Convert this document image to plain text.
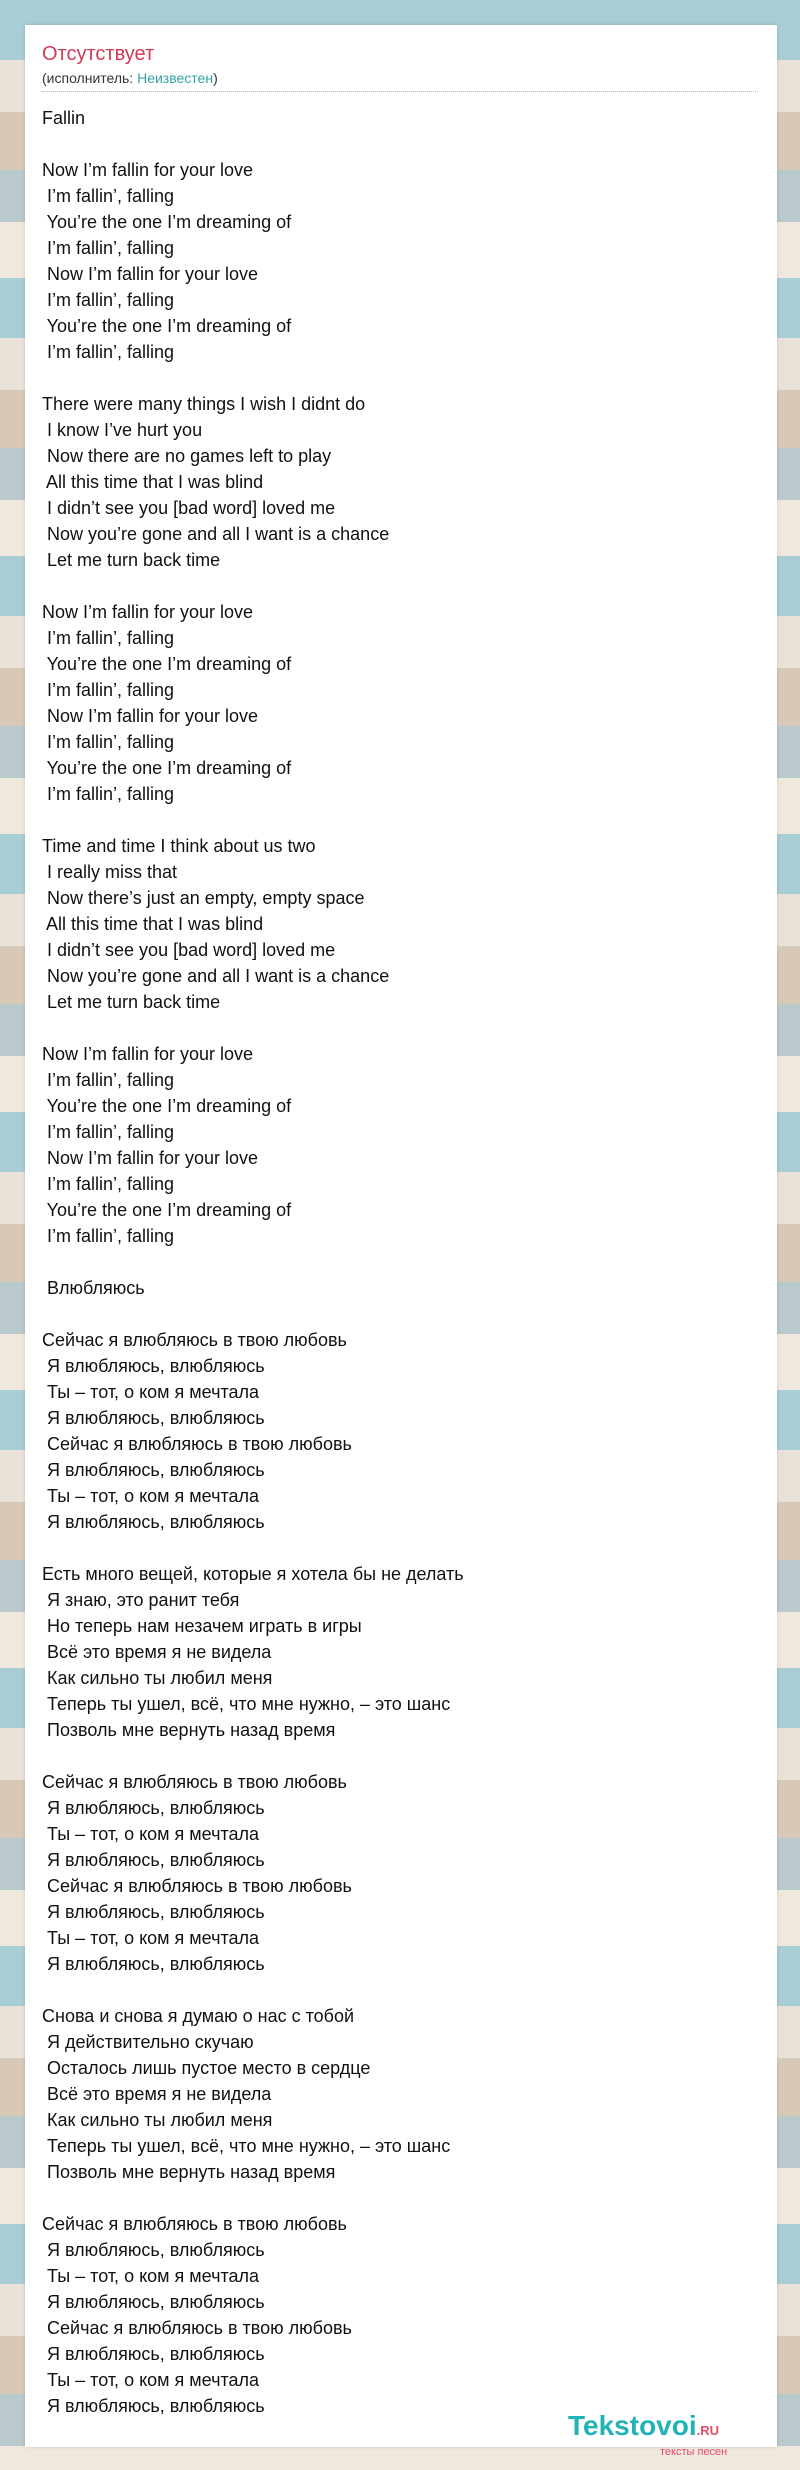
Отсутствует
(исполнитель: Неизвестен)
Fallin
Now I’m fallin for your love
I’m fallin’, falling
You’re the one I’m dreaming of
I’m fallin’, falling
Now I’m fallin for your love
I’m fallin’, falling
You’re the one I’m dreaming of
I’m fallin’, falling
There were many things I wish I didnt do
I know I’ve hurt you
Now there are no games left to play
All this time that I was blind
I didn’t see you [bad word] loved me
Now you’re gone and all I want is a chance
Let me turn back time
Now I’m fallin for your love
I’m fallin’, falling
You’re the one I’m dreaming of
I’m fallin’, falling
Now I’m fallin for your love
I’m fallin’, falling
You’re the one I’m dreaming of
I’m fallin’, falling
Time and time I think about us two
I really miss that
Now there’s just an empty, empty space
All this time that I was blind
I didn’t see you [bad word] loved me
Now you’re gone and all I want is a chance
Let me turn back time
Now I’m fallin for your love
I’m fallin’, falling
You’re the one I’m dreaming of
I’m fallin’, falling
Now I’m fallin for your love
I’m fallin’, falling
You’re the one I’m dreaming of
I’m fallin’, falling
Влюбляюсь
Сейчас я влюбляюсь в твою любовь
Я влюбляюсь, влюбляюсь
Ты – тот, о ком я мечтала
Я влюбляюсь, влюбляюсь
Сейчас я влюбляюсь в твою любовь
Я влюбляюсь, влюбляюсь
Ты – тот, о ком я мечтала
Я влюбляюсь, влюбляюсь
Есть много вещей, которые я хотела бы не делать
Я знаю, это ранит тебя
Но теперь нам незачем играть в игры
Всё это время я не видела
Как сильно ты любил меня
Теперь ты ушел, всё, что мне нужно, – это шанс
Позволь мне вернуть назад время
Сейчас я влюбляюсь в твою любовь
Я влюбляюсь, влюбляюсь
Ты – тот, о ком я мечтала
Я влюбляюсь, влюбляюсь
Сейчас я влюбляюсь в твою любовь
Я влюбляюсь, влюбляюсь
Ты – тот, о ком я мечтала
Я влюбляюсь, влюбляюсь
Снова и снова я думаю о нас с тобой
Я действительно скучаю
Осталось лишь пустое место в сердце
Всё это время я не видела
Как сильно ты любил меня
Теперь ты ушел, всё, что мне нужно, – это шанс
Позволь мне вернуть назад время
Сейчас я влюбляюсь в твою любовь
Я влюбляюсь, влюбляюсь
Ты – тот, о ком я мечтала
Я влюбляюсь, влюбляюсь
Сейчас я влюбляюсь в твою любовь
Я влюбляюсь, влюбляюсь
Ты – тот, о ком я мечтала
Я влюбляюсь, влюбляюсь
Tekstovoi.RU
тексты песен
